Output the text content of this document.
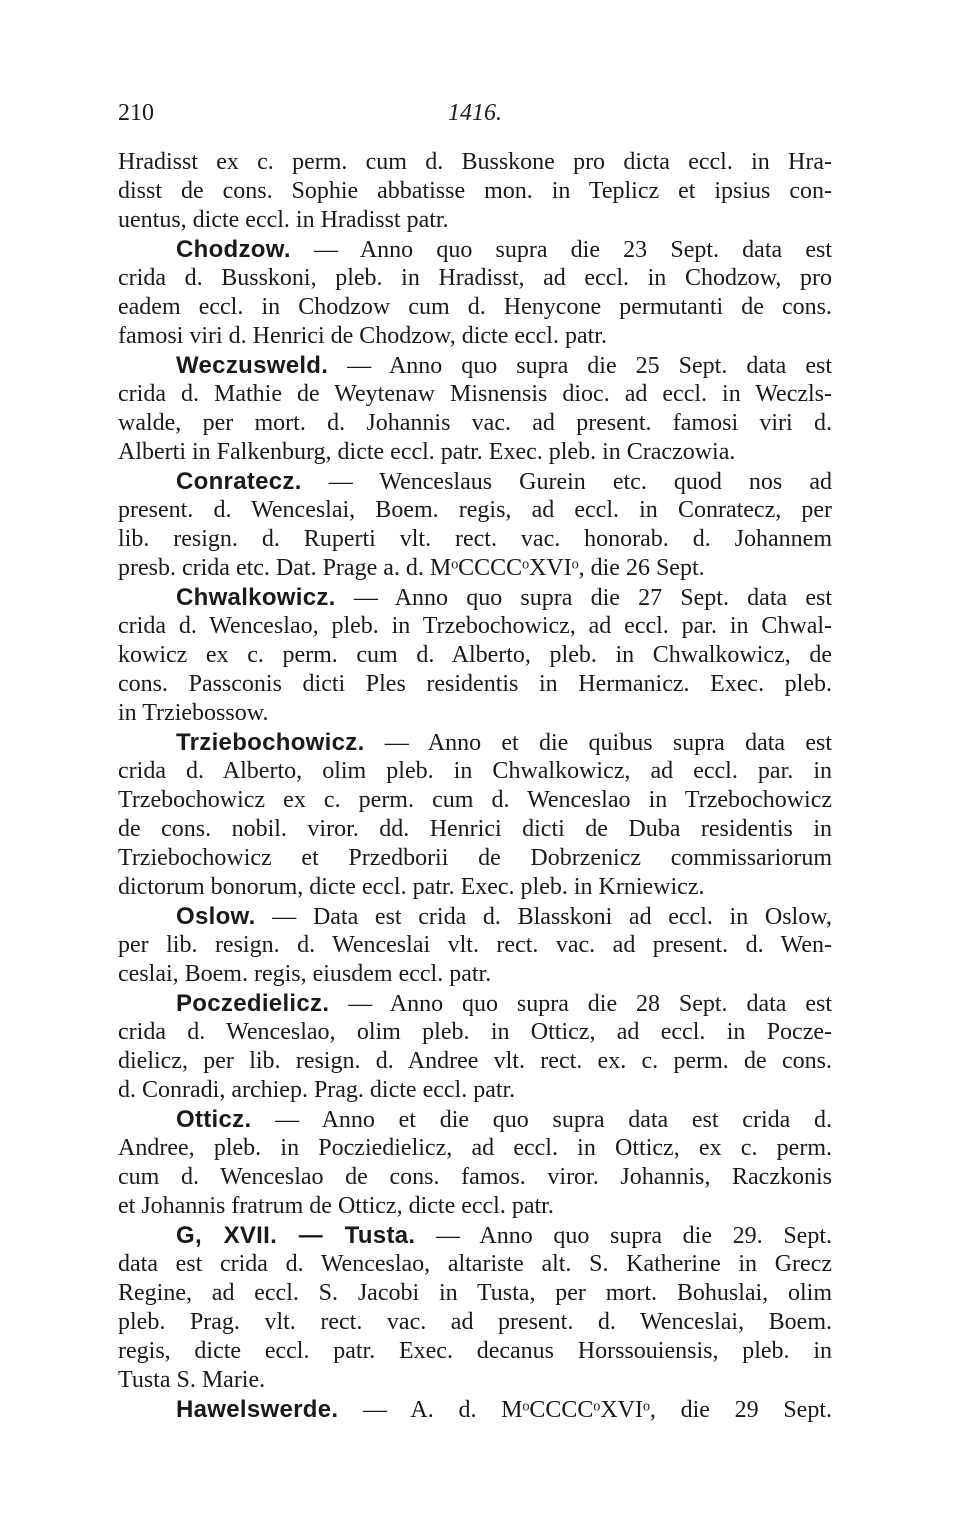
210	1416.
Hradisst ex c. perm. cum d. Busskone pro dicta eccl. in Hra-
disst de cons. Sophie abbatisse mon. in Teplicz et ipsius con-
uentus, dicte eccl. in Hradisst patr.
Chodzow. — Anno quo supra die 23 Sept. data est
crida d. Busskoni, pleb. in Hradisst, ad eccl. in Chodzow, pro
eadem eccl. in Chodzow cum d. Henycone permutanti de cons.
famosi viri d. Henrici de Chodzow, dicte eccl. patr.
Weczusweld. — Anno quo supra die 25 Sept. data est
crida d. Mathie de Weytenaw Misnensis dioc. ad eccl. in Weczls-
walde, per mort. d. Johannis vac. ad present. famosi viri d.
Alberti in Falkenburg, dicte eccl. patr. Exec. pleb. in Craczowia.
Conratecz. — Wenceslaus Gurein etc. quod nos ad
present. d. Wenceslai, Boem. regis, ad eccl. in Conratecz, per
lib. resign. d. Ruperti vlt. rect. vac. honorab. d. Johannem
presb. crida etc. Dat. Prage a. d. MᵒCCCCᵒXVIᵒ, die 26 Sept.
Chwalkowicz. — Anno quo supra die 27 Sept. data est
crida d. Wenceslao, pleb. in Trzebochowicz, ad eccl. par. in Chwal-
kowicz ex c. perm. cum d. Alberto, pleb. in Chwalkowicz, de
cons. Passconis dicti Ples residentis in Hermanicz. Exec. pleb.
in Trziebossow.
Trziebochowicz. — Anno et die quibus supra data est
crida d. Alberto, olim pleb. in Chwalkowicz, ad eccl. par. in
Trzebochowicz ex c. perm. cum d. Wenceslao in Trzebochowicz
de cons. nobil. viror. dd. Henrici dicti de Duba residentis in
Trziebochowicz et Przedborii de Dobrzenicz commissariorum
dictorum bonorum, dicte eccl. patr. Exec. pleb. in Krniewicz.
Oslow. — Data est crida d. Blasskoni ad eccl. in Oslow,
per lib. resign. d. Wenceslai vlt. rect. vac. ad present. d. Wen-
ceslai, Boem. regis, eiusdem eccl. patr.
Poczedielicz. — Anno quo supra die 28 Sept. data est
crida d. Wenceslao, olim pleb. in Otticz, ad eccl. in Pocze-
dielicz, per lib. resign. d. Andree vlt. rect. ex. c. perm. de cons.
d. Conradi, archiep. Prag. dicte eccl. patr.
Otticz. — Anno et die quo supra data est crida d.
Andree, pleb. in Pocziedielicz, ad eccl. in Otticz, ex c. perm.
cum d. Wenceslao de cons. famos. viror. Johannis, Raczkonis
et Johannis fratrum de Otticz, dicte eccl. patr.
G, XVII. — Tusta. — Anno quo supra die 29. Sept.
data est crida d. Wenceslao, altariste alt. S. Katherine in Grecz
Regine, ad eccl. S. Jacobi in Tusta, per mort. Bohuslai, olim
pleb. Prag. vlt. rect. vac. ad present. d. Wenceslai, Boem.
regis, dicte eccl. patr. Exec. decanus Horssouiensis, pleb. in
Tusta S. Marie.
Hawelswerde. — A. d. MᵒCCCCᵒXVIᵒ, die 29 Sept.
